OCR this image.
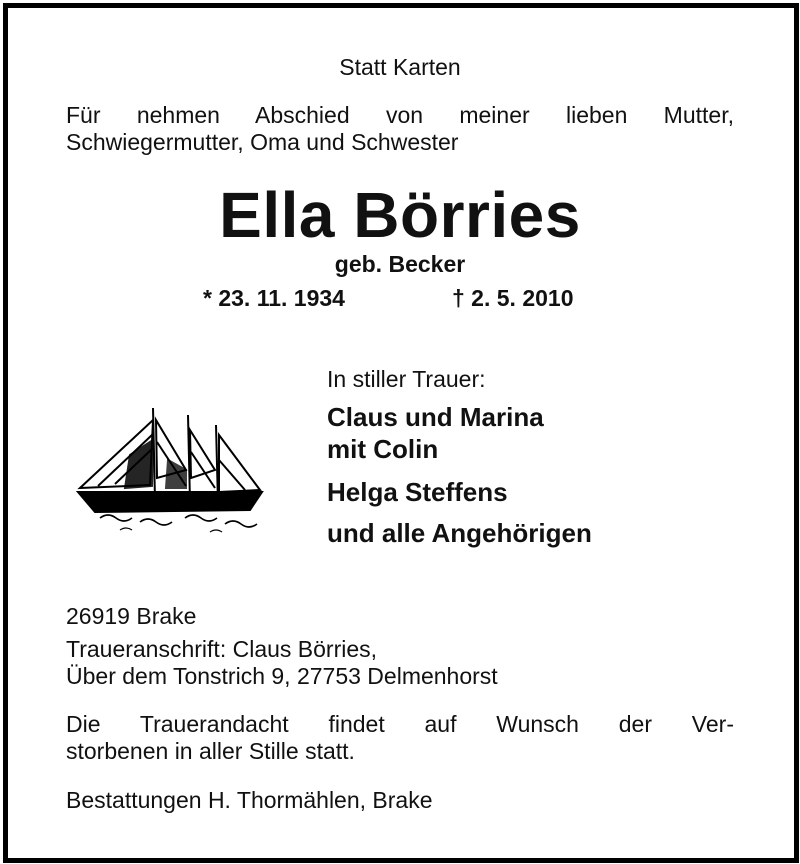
Statt Karten
Für nehmen Abschied von meiner lieben Mutter,
Schwiegermutter, Oma und Schwester
Ella Börries
geb. Becker
* 23. 11. 1934	† 2. 5. 2010
In stiller Trauer:
Claus und Marina
mit Colin
Helga Steffens
und alle Angehörigen
26919 Brake
Traueranschrift: Claus Börries,
Über dem Tonstrich 9, 27753 Delmenhorst
Die Trauerandacht findet auf Wunsch der Ver-
storbenen in aller Stille statt.
Bestattungen H. Thormählen, Brake
